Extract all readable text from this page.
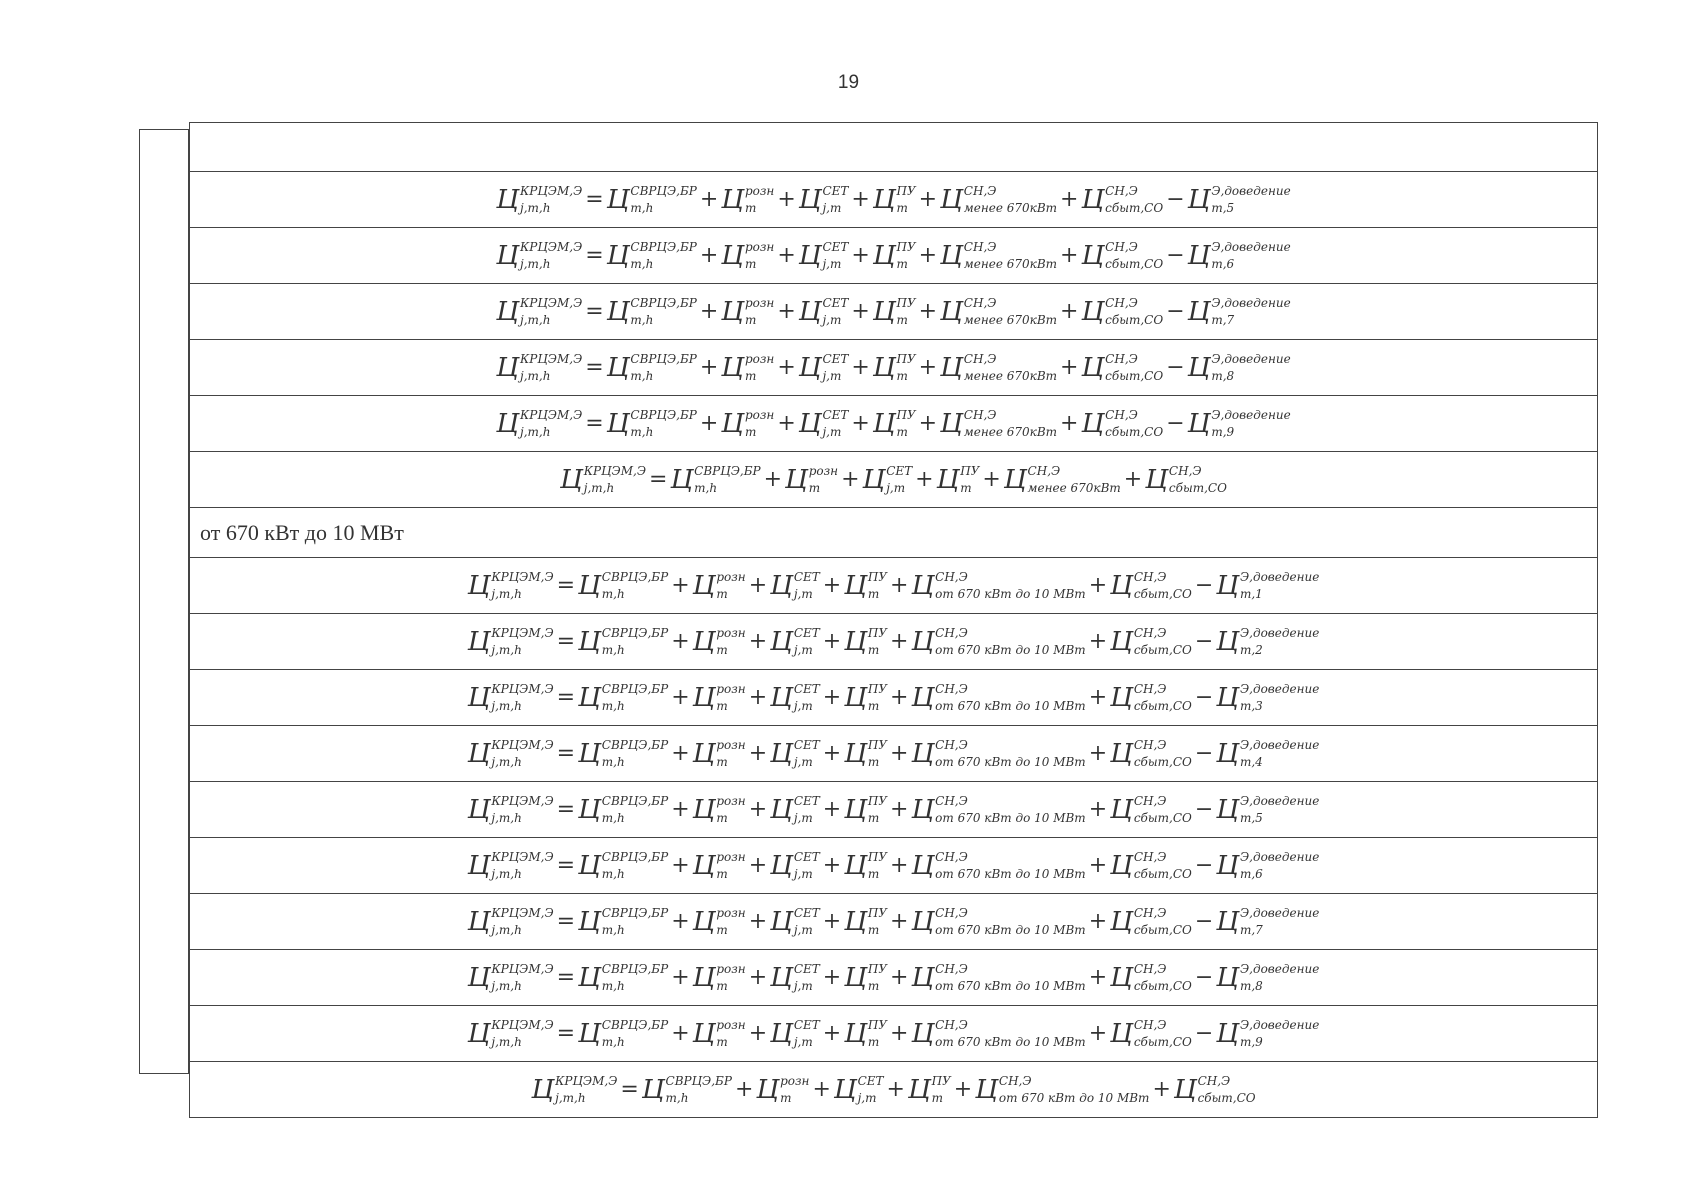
19
Ц КРЦЭМ,Э
j,m,h	= Ц СВРЦЭ,БР
m,h	+ Ц розн
m + Ц СЕТ
j,m + Ц ПУ
m + Ц СН,Э
менее 670кВт + Ц СН,Э
сбыт,СО − Ц Э,доведение
m,5
Ц КРЦЭМ,Э
j,m,h	= Ц СВРЦЭ,БР
m,h	+ Ц розн
m + Ц СЕТ
j,m + Ц ПУ
m + Ц СН,Э
менее 670кВт + Ц СН,Э
сбыт,СО − Ц Э,доведение
m,6
Ц КРЦЭМ,Э
j,m,h	= Ц СВРЦЭ,БР
m,h	+ Ц розн
m + Ц СЕТ
j,m + Ц ПУ
m + Ц СН,Э
менее 670кВт + Ц СН,Э
сбыт,СО − Ц Э,доведение
m,7
Ц КРЦЭМ,Э
j,m,h	= Ц СВРЦЭ,БР
m,h	+ Ц розн
m + Ц СЕТ
j,m + Ц ПУ
m + Ц СН,Э
менее 670кВт + Ц СН,Э
сбыт,СО − Ц Э,доведение
m,8
Ц КРЦЭМ,Э
j,m,h	= Ц СВРЦЭ,БР
m,h	+ Ц розн
m + Ц СЕТ
j,m + Ц ПУ
m + Ц СН,Э
менее 670кВт + Ц СН,Э
сбыт,СО − Ц Э,доведение
m,9
Ц КРЦЭМ,Э
j,m,h	= Ц СВРЦЭ,БР
m,h	+ Ц розн
m + Ц СЕТ
j,m + Ц ПУ
m + Ц СН,Э
менее 670кВт + Ц СН,Э
сбыт,СО
от 670 кВт до 10 МВт
Ц КРЦЭМ,Э
j,m,h	= Ц СВРЦЭ,БР
m,h	+ Ц розн
m + Ц СЕТ
j,m + Ц ПУ
m + Ц СН,Э
от 670 кВт до 10 МВт + Ц СН,Э
сбыт,СО − Ц Э,доведение
m,1
Ц КРЦЭМ,Э
j,m,h	= Ц СВРЦЭ,БР
m,h	+ Ц розн
m + Ц СЕТ
j,m + Ц ПУ
m + Ц СН,Э
от 670 кВт до 10 МВт + Ц СН,Э
сбыт,СО − Ц Э,доведение
m,2
Ц КРЦЭМ,Э
j,m,h	= Ц СВРЦЭ,БР
m,h	+ Ц розн
m + Ц СЕТ
j,m + Ц ПУ
m + Ц СН,Э
от 670 кВт до 10 МВт + Ц СН,Э
сбыт,СО − Ц Э,доведение
m,3
Ц КРЦЭМ,Э
j,m,h	= Ц СВРЦЭ,БР
m,h	+ Ц розн
m + Ц СЕТ
j,m + Ц ПУ
m + Ц СН,Э
от 670 кВт до 10 МВт + Ц СН,Э
сбыт,СО − Ц Э,доведение
m,4
Ц КРЦЭМ,Э
j,m,h	= Ц СВРЦЭ,БР
m,h	+ Ц розн
m + Ц СЕТ
j,m + Ц ПУ
m + Ц СН,Э
от 670 кВт до 10 МВт + Ц СН,Э
сбыт,СО − Ц Э,доведение
m,5
Ц КРЦЭМ,Э
j,m,h	= Ц СВРЦЭ,БР
m,h	+ Ц розн
m + Ц СЕТ
j,m + Ц ПУ
m + Ц СН,Э
от 670 кВт до 10 МВт + Ц СН,Э
сбыт,СО − Ц Э,доведение
m,6
Ц КРЦЭМ,Э
j,m,h	= Ц СВРЦЭ,БР
m,h	+ Ц розн
m + Ц СЕТ
j,m + Ц ПУ
m + Ц СН,Э
от 670 кВт до 10 МВт + Ц СН,Э
сбыт,СО − Ц Э,доведение
m,7
Ц КРЦЭМ,Э
j,m,h	= Ц СВРЦЭ,БР
m,h	+ Ц розн
m + Ц СЕТ
j,m + Ц ПУ
m + Ц СН,Э
от 670 кВт до 10 МВт + Ц СН,Э
сбыт,СО − Ц Э,доведение
m,8
Ц КРЦЭМ,Э
j,m,h	= Ц СВРЦЭ,БР
m,h	+ Ц розн
m + Ц СЕТ
j,m + Ц ПУ
m + Ц СН,Э
от 670 кВт до 10 МВт + Ц СН,Э
сбыт,СО − Ц Э,доведение
m,9
Ц КРЦЭМ,Э
j,m,h	= Ц СВРЦЭ,БР
m,h	+ Ц розн
m + Ц СЕТ
j,m + Ц ПУ
m + Ц СН,Э
от 670 кВт до 10 МВт + Ц СН,Э
сбыт,СО
